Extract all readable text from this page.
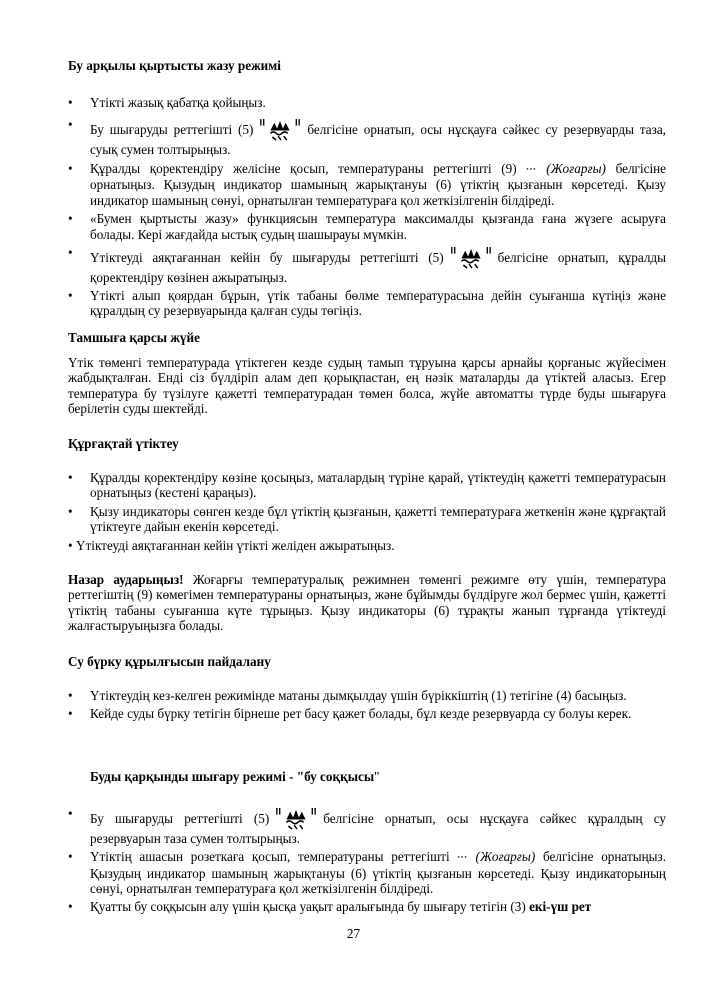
Бу арқылы қыртысты жазу режимі
• Үтікті жазық қабатқа қойыңыз.
• Бу шығаруды реттегішті (5)	белгісіне орнатып, осы нұсқауға сәйкес су резервуарды таза, суық сумен толтырыңыз.
• Құралды қоректендіру желісіне қосып, температураны реттегішті (9) ••• (Жоғарғы) белгісіне орнатыңыз. Қызудың индикатор шамының жарықтануы (6) үтіктің қызғанын көрсетеді. Қызу индикатор шамының сөнуі, орнатылған температураға қол жеткізілгенін білдіреді.
• «Бумен қыртысты жазу» функциясын температура максималды қызғанда ғана жүзеге асыруға болады. Кері жағдайда ыстық судың шашырауы мүмкін.
• Үтіктеуді аяқтағаннан кейін бу шығаруды реттегішті (5)	белгісіне орнатып, құралды қоректендіру көзінен ажыратыңыз.
• Үтікті алып қоярдан бұрын, үтік табаны бөлме температурасына дейін суығанша күтіңіз және құралдың су резервуарында қалған суды төгіңіз.
Тамшыға қарсы жүйе
Үтік төменгі температурада үтіктеген кезде судың тамып тұруына қарсы арнайы қорғаныс жүйесімен жабдықталған. Енді сіз бүлдіріп алам деп қорықпастан, ең нәзік маталарды да үтіктей аласыз. Егер температура бу түзілуге қажетті температурадан төмен болса, жүйе автоматты түрде буды шығаруға берілетін суды шектейді.
Құрғақтай үтіктеу
• Құралды қоректендіру көзіне қосыңыз, маталардың түріне қарай, үтіктеудің қажетті температурасын орнатыңыз (кестені қараңыз).
• Қызу индикаторы сөнген кезде бұл үтіктің қызғанын, қажетті температураға жеткенін және құрғақтай үтіктеуге дайын екенін көрсетеді.
• Үтіктеуді аяқтағаннан кейін үтікті желіден ажыратыңыз.
Назар аударыңыз! Жоғарғы температуралық режимнен төменгі режимге өту үшін, температура реттегіштің (9) көмегімен температураны орнатыңыз, және бұйымды бүлдіруге жол бермес үшін, қажетті үтіктің табаны суығанша күте тұрыңыз. Қызу индикаторы (6) тұрақты жанып тұрғанда үтіктеуді жалғастыруыңызға болады.
Су бүрку құрылғысын пайдалану
• Үтіктеудің кез-келген режимінде матаны дымқылдау үшін бүріккіштің (1) тетігіне (4) басыңыз.
• Кейде суды бүрку тетігін бірнеше рет басу қажет болады, бұл кезде резервуарда су болуы керек.
Буды қарқынды шығару режимі - "бу соққысы"
• Бу шығаруды реттегішті (5)	белгісіне орнатып, осы нұсқауға сәйкес құралдың су резервуарын таза сумен толтырыңыз.
• Үтіктің ашасын розеткаға қосып, температураны реттегішті ••• (Жоғарғы) белгісіне орнатыңыз. Қызудың индикатор шамының жарықтануы (6) үтіктің қызғанын көрсетеді. Қызу индикаторының сөнуі, орнатылған температураға қол жеткізілгенін білдіреді.
• Қуатты бу соққысын алу үшін қысқа уақыт аралығында бу шығару тетігін (3) екі-үш рет
27
